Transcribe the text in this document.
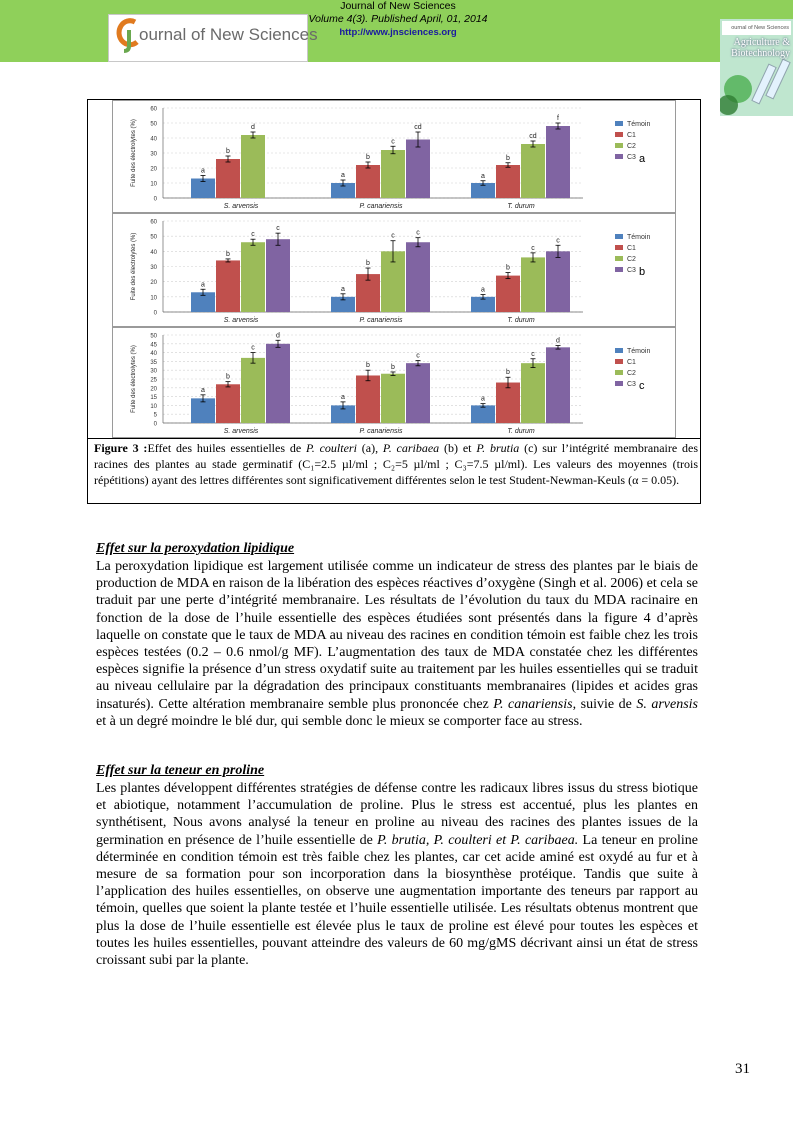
ournal of New Sciences
Journal of New Sciences
Volume 4(3). Published April, 01, 2014
http://www.jnsciences.org	ournal of New Sciences
Agriculture &
Biotechnology
0
10
20
30
40
50
60
Fuite des électrolytes (%)	a
b
d
S. arvensis
a
b
c
cd
P. canariensis
a
b
cd
f
T. durum
Témoin
C1
C2
C3 a
0
10
20
30
40
50
60
Fuite des électrolytes (%)	a
b
c
c
S. arvensis
a
b
c	c
P. canariensis
a
b
c
c
T. durum
Témoin
C1
C2
C3 b
0
5
10
15
20
25
30
35
40
45
50
Fuite des électrolytes (%)	a
b
c
d
S. arvensis
a
b	b
c
P. canariensis
a
b
c
d
T. durum
Témoin
C1
C2
C3 c
Figure 3 :Effet des huiles essentielles de P. coulteri (a), P. caribaea (b) et P. brutia (c) sur l’intégrité membranaire des racines des plantes au stade germinatif (C₁=2.5 µl/ml ; C₂=5 µl/ml ; C₃=7.5 µl/ml). Les valeurs des moyennes (trois répétitions) ayant des lettres différentes sont significativement différentes selon le test Student-Newman-Keuls (α = 0.05).
Effet sur la peroxydation lipidique

La peroxydation lipidique est largement utilisée comme un indicateur de stress des plantes par le biais de production de MDA en raison de la libération des espèces réactives d’oxygène (Singh et al. 2006) et cela se traduit par une perte d’intégrité membranaire. Les résultats de l’évolution du taux du MDA racinaire en fonction de la dose de l’huile essentielle des espèces étudiées sont présentés dans la figure 4 d’après laquelle on constate que le taux de MDA au niveau des racines en condition témoin est faible chez les trois espèces testées (0.2 – 0.6 nmol/g MF). L’augmentation des taux de MDA constatée chez les différentes espèces signifie la présence d’un stress oxydatif suite au traitement par les huiles essentielles qui se traduit au niveau cellulaire par la dégradation des principaux constituants membranaires (lipides et acides gras insaturés). Cette altération membranaire semble plus prononcée chez P. canariensis, suivie de S. arvensis et à un degré moindre le blé dur, qui semble donc le mieux se comporter face au stress.

Effet sur la teneur en proline

Les plantes développent différentes stratégies de défense contre les radicaux libres issus du stress biotique et abiotique, notamment l’accumulation de proline. Plus le stress est accentué, plus les plantes en synthétisent, Nous avons analysé la teneur en proline au niveau des racines des plantes issues de la germination en présence de l’huile essentielle de P. brutia, P. coulteri et P. caribaea. La teneur en proline déterminée en condition témoin est très faible chez les plantes, car cet acide aminé est oxydé au fur et à mesure de sa formation pour son incorporation dans la biosynthèse protéique. Tandis que suite à l’application des huiles essentielles, on observe une augmentation importante des teneurs par rapport au témoin, quelles que soient la plante testée et l’huile essentielle utilisée. Les résultats obtenus montrent que plus la dose de l’huile essentielle est élevée plus le taux de proline est élevé pour toutes les espèces et toutes les huiles essentielles, pouvant atteindre des valeurs de 60 mg/gMS décrivant ainsi un état de stress croissant subi par la plante.

31
